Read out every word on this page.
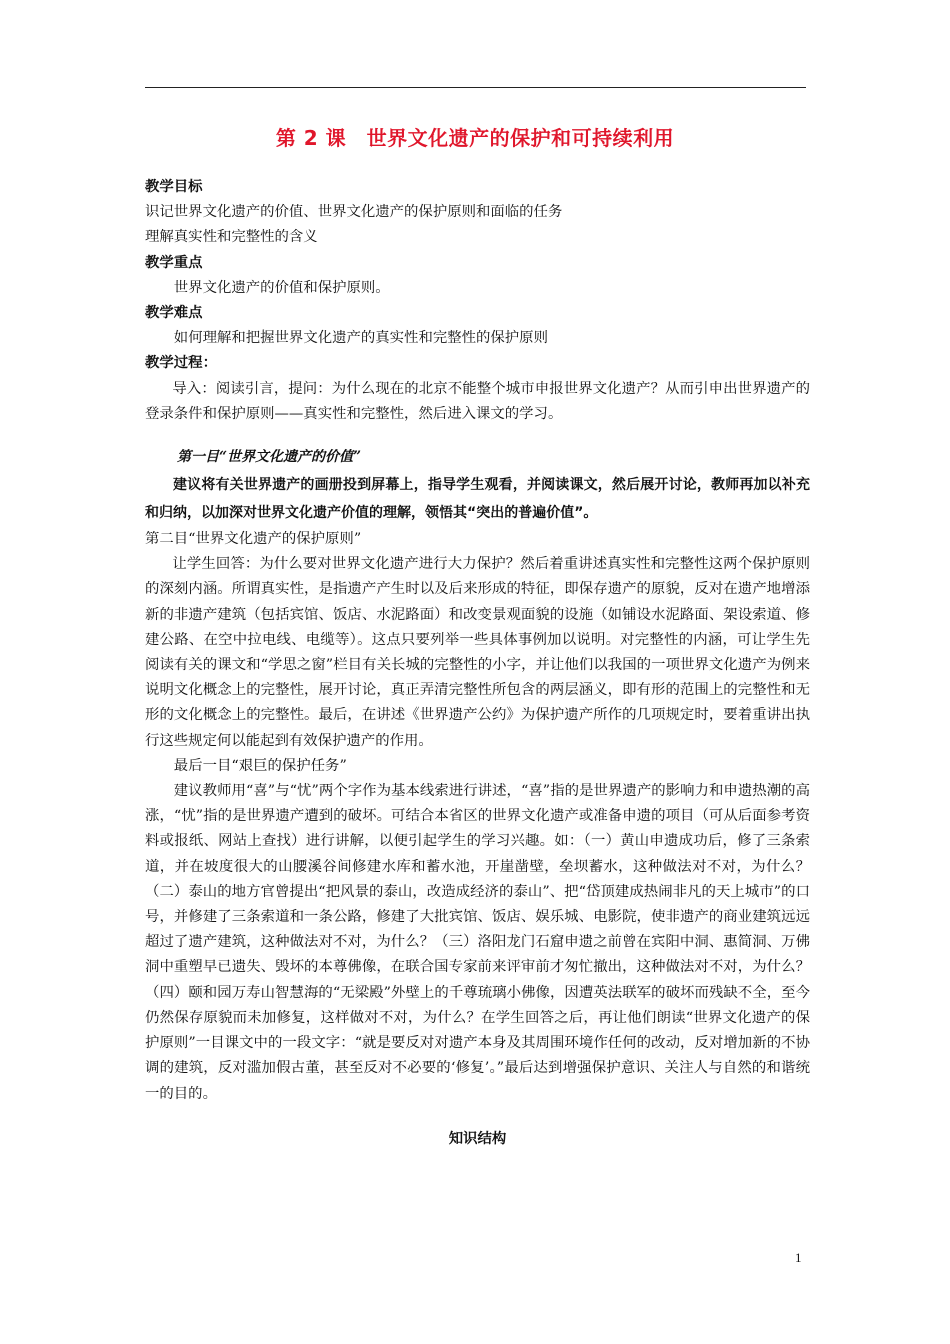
第 2 课　世界文化遗产的保护和可持续利用

教学目标

识记世界文化遗产的价值、世界文化遗产的保护原则和面临的任务

理解真实性和完整性的含义

教学重点

世界文化遗产的价值和保护原则。

教学难点

如何理解和把握世界文化遗产的真实性和完整性的保护原则

教学过程：

导入：阅读引言，提问：为什么现在的北京不能整个城市申报世界文化遗产？从而引申出世界遗产的登录条件和保护原则——真实性和完整性，然后进入课文的学习。

第一目“世界文化遗产的价值”

建议将有关世界遗产的画册投到屏幕上，指导学生观看，并阅读课文，然后展开讨论，教师再加以补充和归纳，以加深对世界文化遗产价值的理解，领悟其“突出的普遍价值”。

第二目“世界文化遗产的保护原则”

让学生回答：为什么要对世界文化遗产进行大力保护？然后着重讲述真实性和完整性这两个保护原则的深刻内涵。所谓真实性，是指遗产产生时以及后来形成的特征，即保存遗产的原貌，反对在遗产地增添新的非遗产建筑（包括宾馆、饭店、水泥路面）和改变景观面貌的设施（如铺设水泥路面、架设索道、修建公路、在空中拉电线、电缆等）。这点只要列举一些具体事例加以说明。对完整性的内涵，可让学生先阅读有关的课文和“学思之窗”栏目有关长城的完整性的小字，并让他们以我国的一项世界文化遗产为例来说明文化概念上的完整性，展开讨论，真正弄清完整性所包含的两层涵义，即有形的范围上的完整性和无形的文化概念上的完整性。最后，在讲述《世界遗产公约》为保护遗产所作的几项规定时，要着重讲出执行这些规定何以能起到有效保护遗产的作用。

最后一目“艰巨的保护任务”

建议教师用“喜”与“忧”两个字作为基本线索进行讲述，“喜”指的是世界遗产的影响力和申遗热潮的高涨，“忧”指的是世界遗产遭到的破坏。可结合本省区的世界文化遗产或准备申遗的项目（可从后面参考资料或报纸、网站上查找）进行讲解，以便引起学生的学习兴趣。如：（一）黄山申遗成功后，修了三条索道，并在坡度很大的山腰溪谷间修建水库和蓄水池，开崖凿壁，垒坝蓄水，这种做法对不对，为什么？（二）泰山的地方官曾提出“把风景的泰山，改造成经济的泰山”、把“岱顶建成热闹非凡的天上城市”的口号，并修建了三条索道和一条公路，修建了大批宾馆、饭店、娱乐城、电影院，使非遗产的商业建筑远远超过了遗产建筑，这种做法对不对，为什么？（三）洛阳龙门石窟申遗之前曾在宾阳中洞、惠简洞、万佛洞中重塑早已遗失、毁坏的本尊佛像，在联合国专家前来评审前才匆忙撤出，这种做法对不对，为什么？（四）颐和园万寿山智慧海的“无梁殿”外壁上的千尊琉璃小佛像，因遭英法联军的破坏而残缺不全，至今仍然保存原貌而未加修复，这样做对不对，为什么？在学生回答之后，再让他们朗读“世界文化遗产的保护原则”一目课文中的一段文字：“就是要反对对遗产本身及其周围环境作任何的改动，反对增加新的不协调的建筑，反对滥加假古董，甚至反对不必要的‘修复’。”最后达到增强保护意识、关注人与自然的和谐统一的目的。

知识结构

1
